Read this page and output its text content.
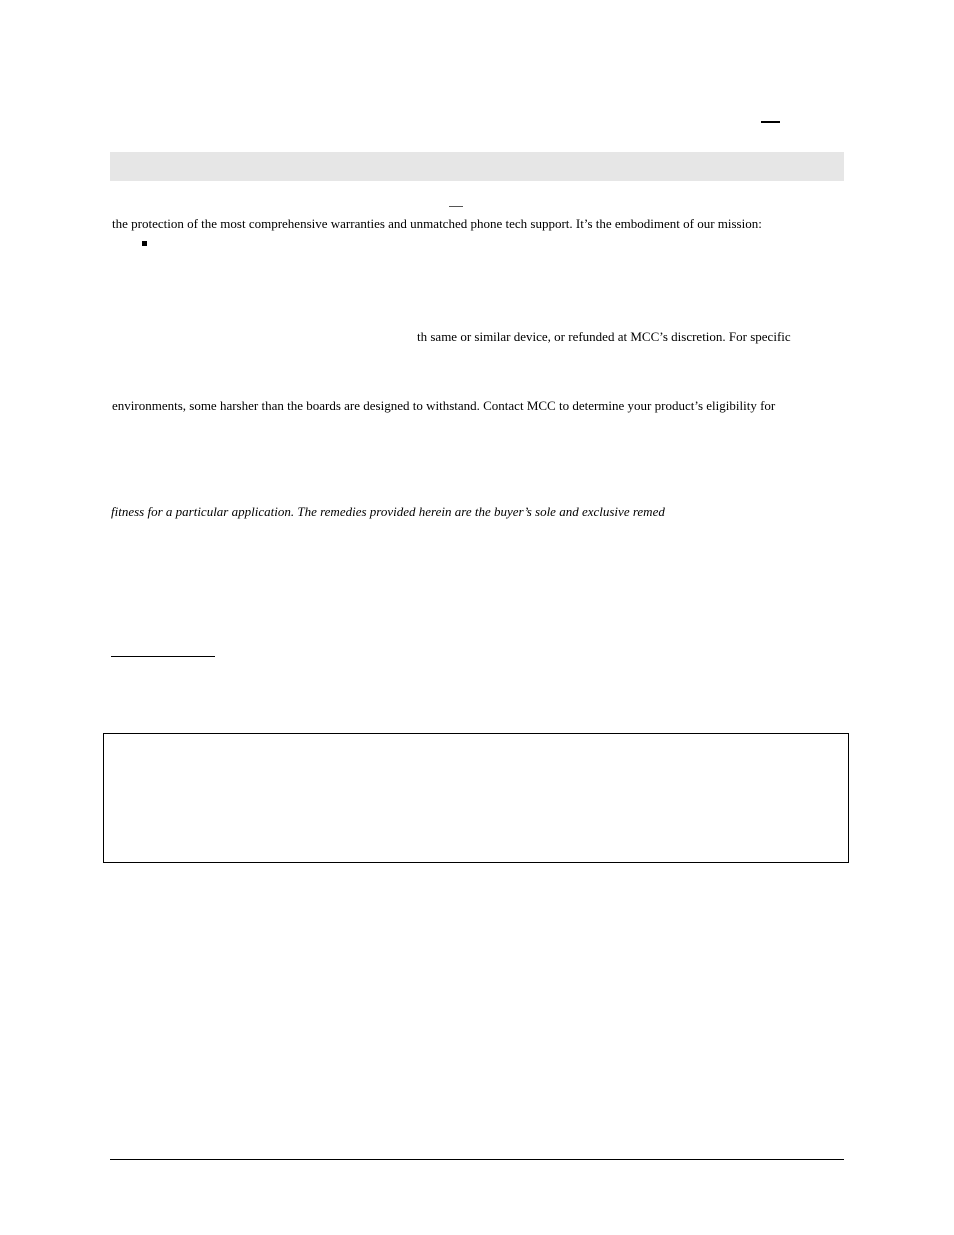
the protection of the most comprehensive warranties and unmatched phone tech support. It’s the embodiment of our mission:
th same or similar device, or refunded at MCC’s discretion. For specific
environments, some harsher than the boards are designed to withstand. Contact MCC to determine your product’s eligibility for
fitness for a particular application. The remedies provided herein are the buyer’s sole and exclusive remed
